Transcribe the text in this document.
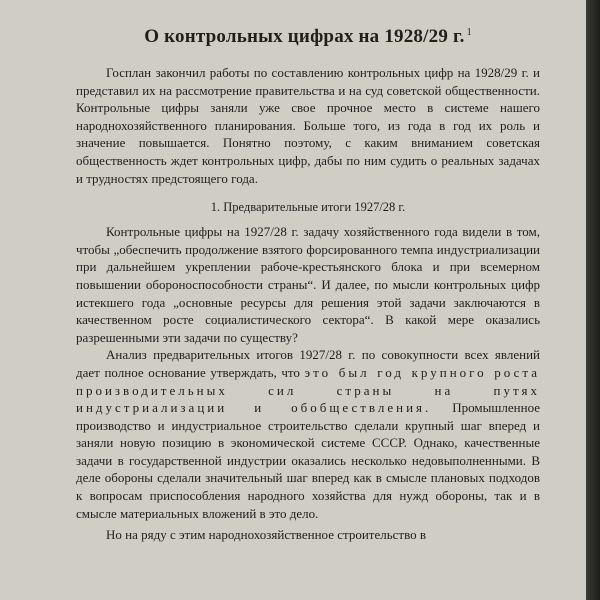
О контрольных цифрах на 1928/29 г. $^1$

Госплан закончил работы по составлению контрольных цифр на 1928/29 г. и представил их на рассмотрение правительства и на суд советской общественности. Контрольные цифры заняли уже свое прочное место в системе нашего народнохозяйственного планирования. Больше того, из года в год их роль и значение повышается. Понятно поэтому, с каким вниманием советская общественность ждет контрольных цифр, дабы по ним судить о реальных задачах и трудностях предстоящего года.

1. Предварительные итоги 1927/28 г.

Контрольные цифры на 1927/28 г. задачу хозяйственного года видели в том, чтобы „обеспечить продолжение взятого форсированного темпа индустриализации при дальнейшем укреплении рабоче-крестьянского блока и при всемерном повышении обороноспособности страны“. И далее, по мысли контрольных цифр истекшего года „основные ресурсы для решения этой задачи заключаются в качественном росте социалистического сектора“. В какой мере оказались разрешенными эти задачи по существу?

Анализ предварительных итогов 1927/28 г. по совокупности всех явлений дает полное основание утверждать, что это был год крупного роста производительных сил страны на путях индустриализации и обобществления. Промышленное производство и индустриальное строительство сделали крупный шаг вперед и заняли новую позицию в экономической системе СССР. Однако, качественные задачи в государственной индустрии оказались несколько недовыполненными. В деле обороны сделали значительный шаг вперед как в смысле плановых подходов к вопросам приспособления народного хозяйства для нужд обороны, так и в смысле материальных вложений в это дело.

Но на ряду с этим народнохозяйственное строительство в
